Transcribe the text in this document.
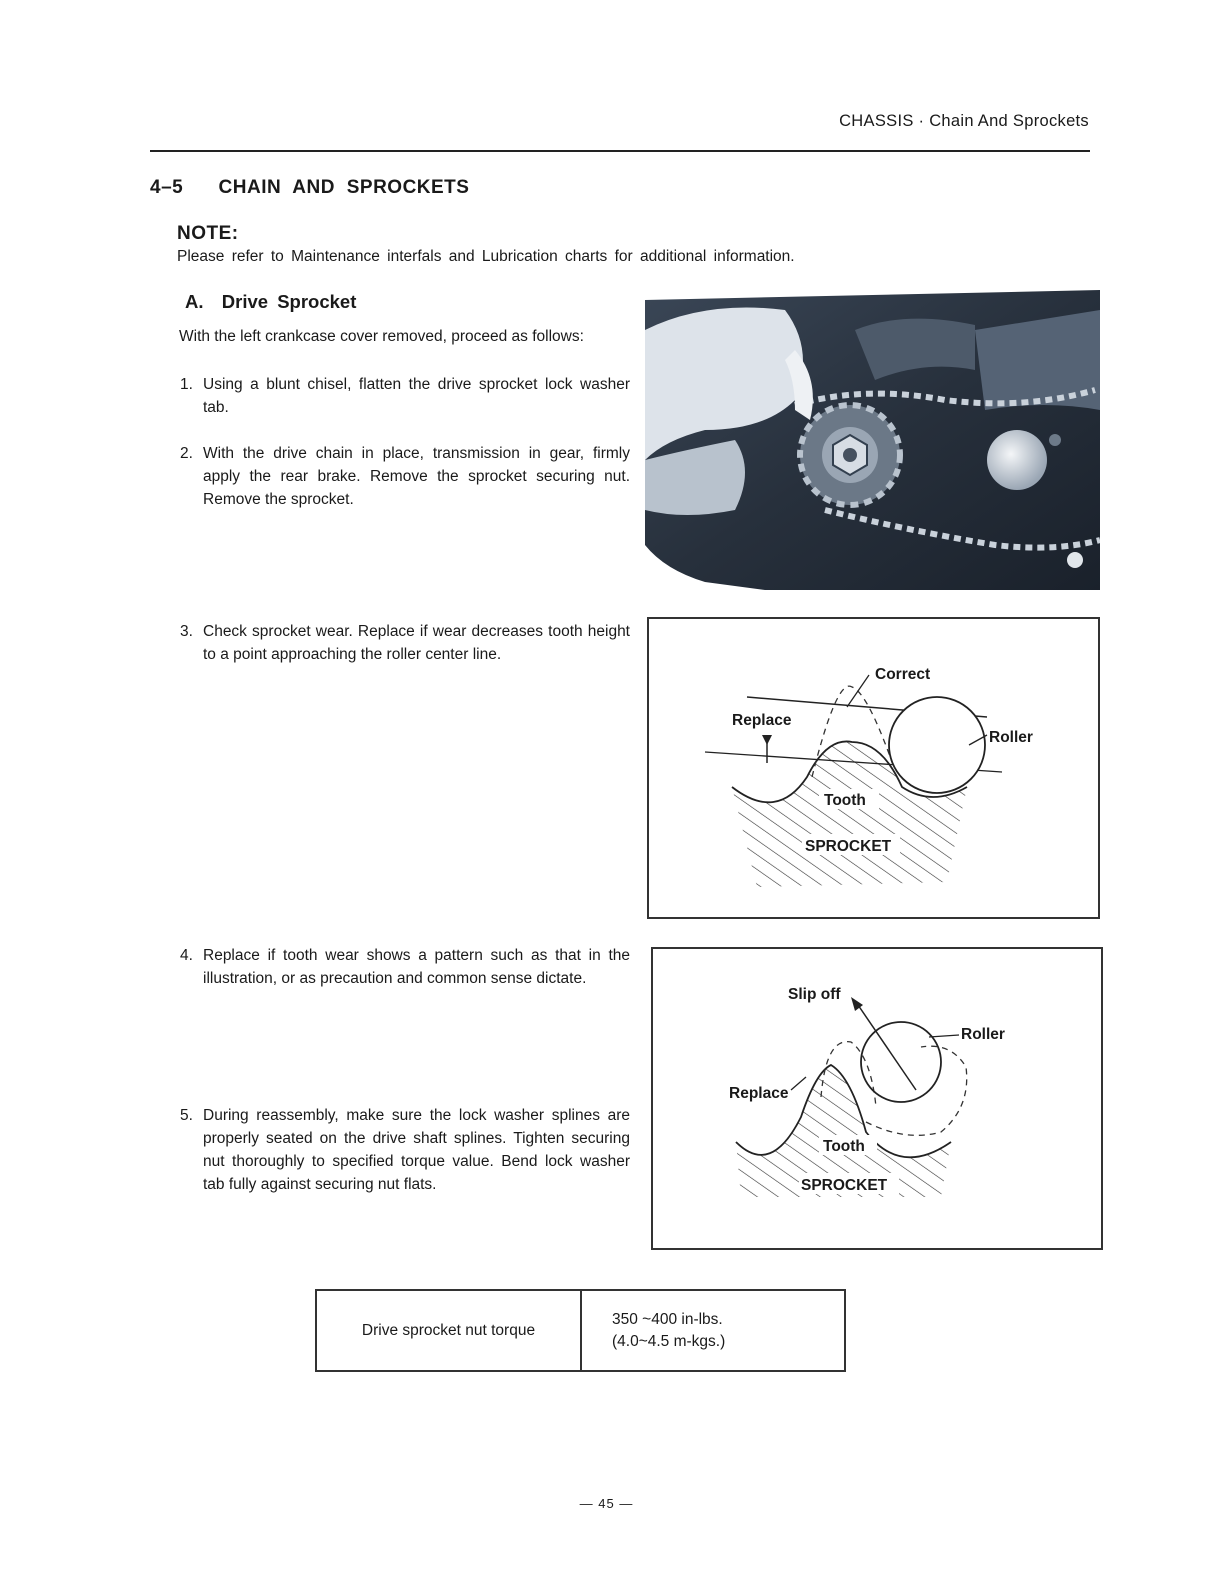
CHASSIS · Chain And Sprockets
4–5   CHAIN AND SPROCKETS
NOTE:
Please refer to Maintenance interfals and Lubrication charts for additional information.
A.  Drive Sprocket
With the left crankcase cover removed, proceed as follows:
1. Using a blunt chisel, flatten the drive sprocket lock washer tab.
2. With the drive chain in place, transmission in gear, firmly apply the rear brake. Remove the sprocket securing nut. Remove the sprocket.
3. Check sprocket wear. Replace if wear decreases tooth height to a point approaching the roller center line.
4. Replace if tooth wear shows a pattern such as that in the illustration, or as precaution and common sense dictate.
5. During reassembly, make sure the lock washer splines are properly seated on the drive shaft splines. Tighten securing nut thoroughly to specified torque value. Bend lock washer tab fully against securing nut flats.
Correct
Replace
Roller
Tooth
SPROCKET
Slip off
Roller
Replace
Tooth
SPROCKET
Drive sprocket nut torque
350 ~400 in-lbs.
(4.0~4.5 m-kgs.)
— 45 —
